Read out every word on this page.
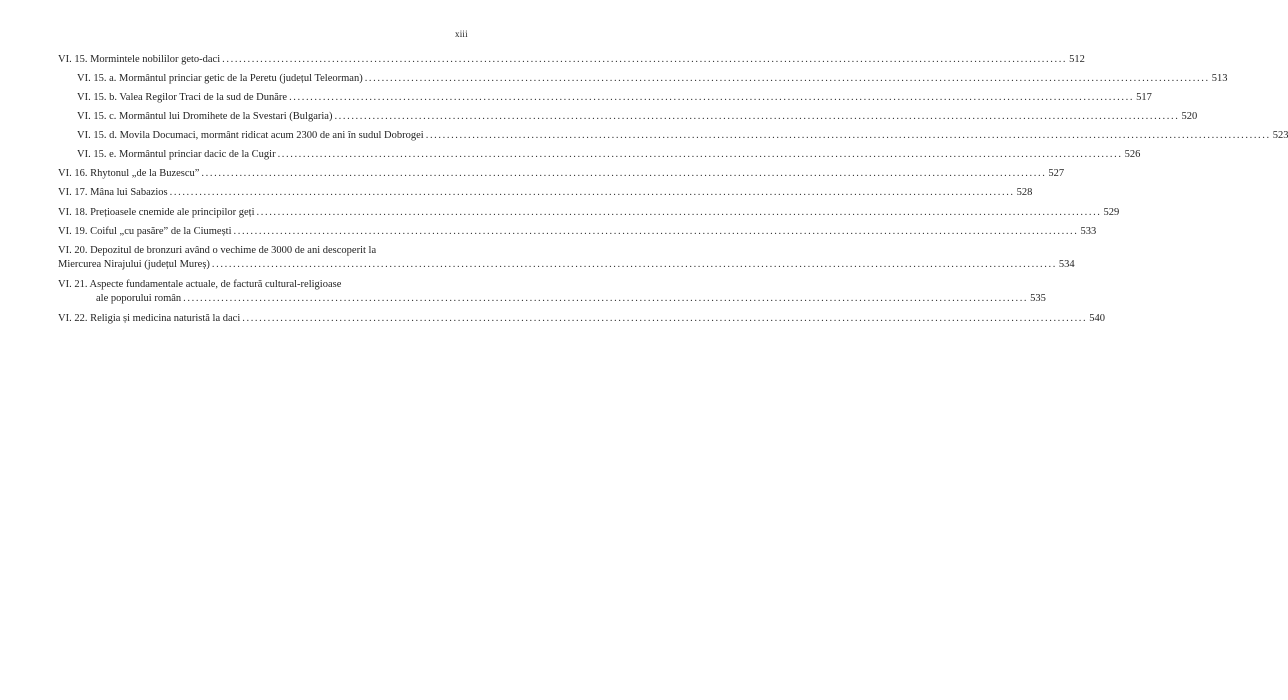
xiii
VI. 15. Mormintele nobililor geto-daci ........................................................................................................................................................................................................ 512
VI. 15. a. Mormântul princiar getic de la Peretu (județul Teleorman) ........................................................................................................................................................................................................ 513
VI. 15. b. Valea Regilor Traci de la sud de Dunăre ........................................................................................................................................................................................................ 517
VI. 15. c. Mormântul lui Dromihete de la Svestari (Bulgaria) ........................................................................................................................................................................................................ 520
VI. 15. d. Movila Documaci, mormânt ridicat acum 2300 de ani în sudul Dobrogei ........................................................................................................................................................................................................ 523
VI. 15. e. Mormântul princiar dacic de la Cugir ........................................................................................................................................................................................................ 526
VI. 16. Rhytonul „de la Buzescu” ........................................................................................................................................................................................................ 527
VI. 17. Mâna lui Sabazios ........................................................................................................................................................................................................ 528
VI. 18. Prețioasele cnemide ale principilor geți ........................................................................................................................................................................................................ 529
VI. 19. Coiful „cu pasăre” de la Ciumești ........................................................................................................................................................................................................ 533
VI. 20. Depozitul de bronzuri având o vechime de 3000 de ani descoperit la
Miercurea Nirajului (județul Mureș) ........................................................................................................................................................................................................ 534
VI. 21. Aspecte fundamentale actuale, de factură cultural-religioase
ale poporului român ........................................................................................................................................................................................................ 535
VI. 22. Religia și medicina naturistă la daci ........................................................................................................................................................................................................ 540
